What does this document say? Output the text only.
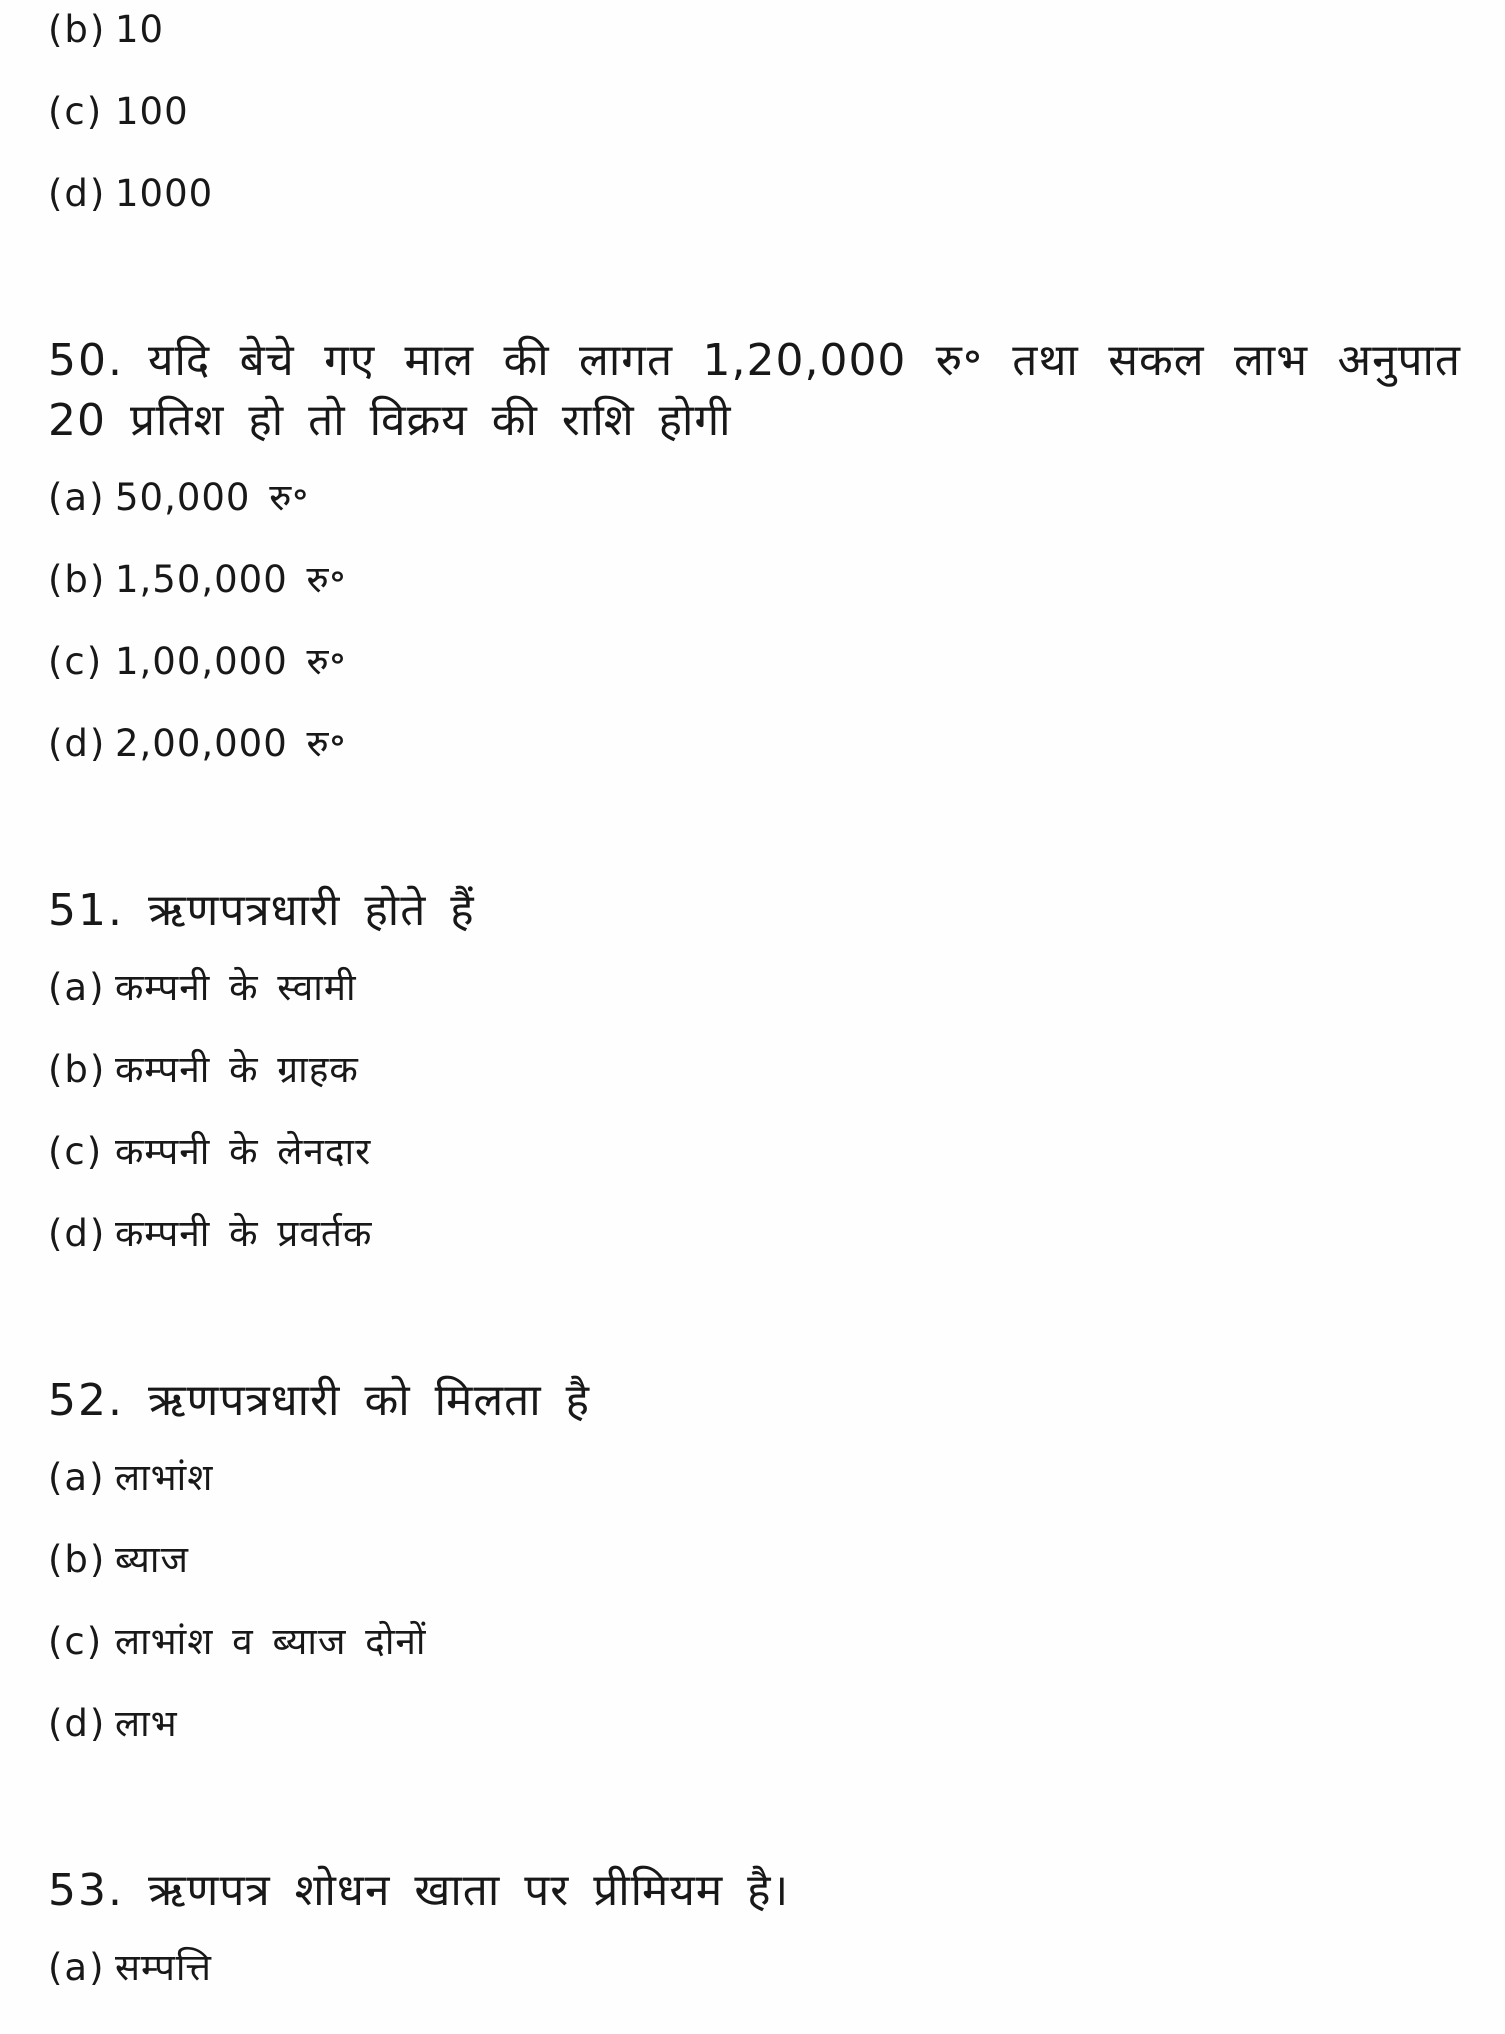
(b) 10

(c) 100

(d) 1000

50. यदि बेचे गए माल की लागत 1,20,000 रु॰ तथा सकल लाभ अनुपात 20 प्रतिश हो तो विक्रय की राशि होगी

(a) 50,000 रु॰

(b) 1,50,000 रु॰

(c) 1,00,000 रु॰

(d) 2,00,000 रु॰

51. ऋणपत्रधारी होते हैं

(a) कम्पनी के स्वामी

(b) कम्पनी के ग्राहक

(c) कम्पनी के लेनदार

(d) कम्पनी के प्रवर्तक

52. ऋणपत्रधारी को मिलता है

(a) लाभांश

(b) ब्याज

(c) लाभांश व ब्याज दोनों

(d) लाभ

53. ऋणपत्र शोधन खाता पर प्रीमियम है।

(a) सम्पत्ति
